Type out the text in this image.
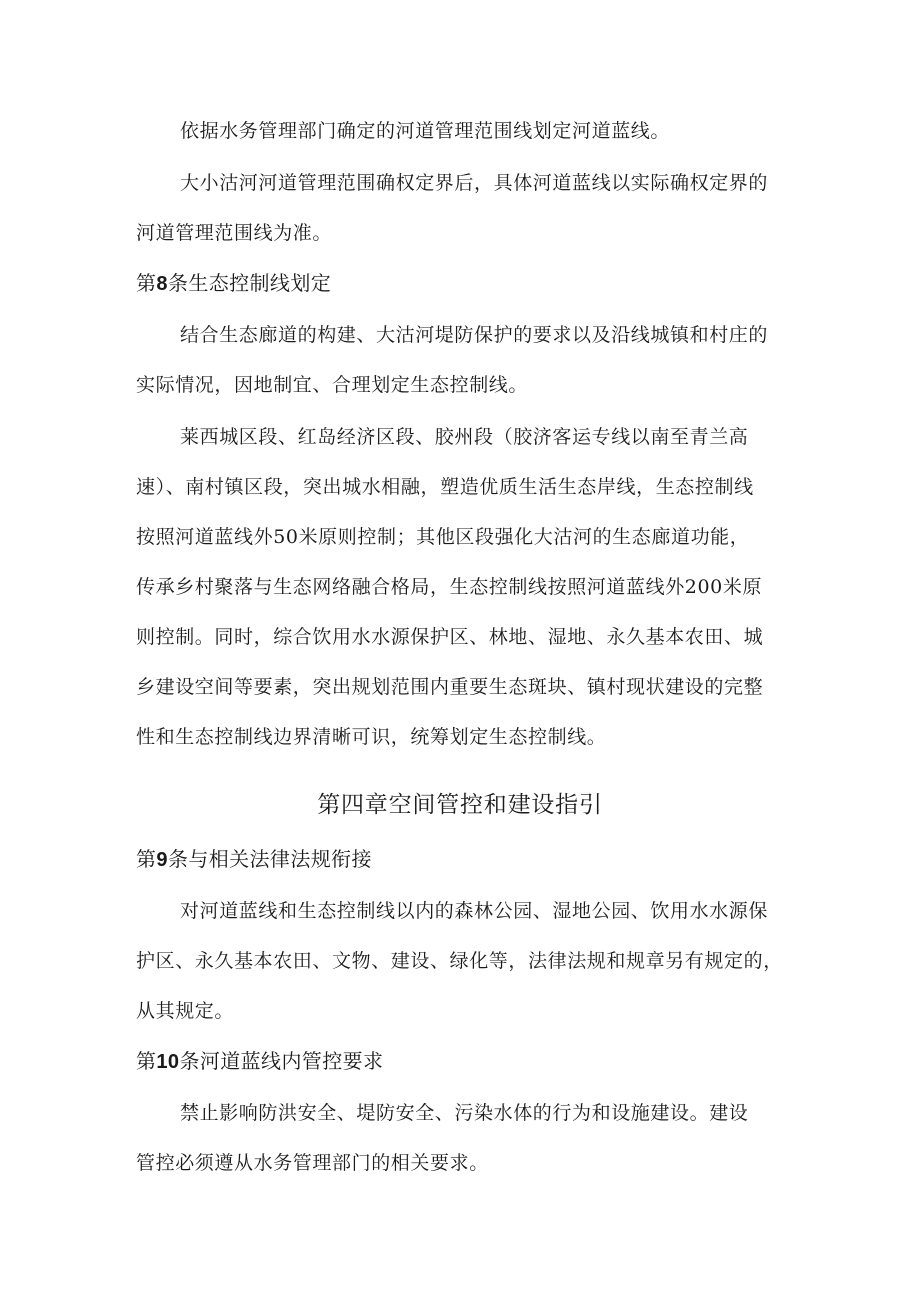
依据水务管理部门确定的河道管理范围线划定河道蓝线。
大小沽河河道管理范围确权定界后，具体河道蓝线以实际确权定界的
河道管理范围线为准。
第8条生态控制线划定
结合生态廊道的构建、大沽河堤防保护的要求以及沿线城镇和村庄的
实际情况，因地制宜、合理划定生态控制线。
莱西城区段、红岛经济区段、胶州段（胶济客运专线以南至青兰高
速）、南村镇区段，突出城水相融，塑造优质生活生态岸线，生态控制线
按照河道蓝线外50米原则控制；其他区段强化大沽河的生态廊道功能，
传承乡村聚落与生态网络融合格局，生态控制线按照河道蓝线外200米原
则控制。同时，综合饮用水水源保护区、林地、湿地、永久基本农田、城
乡建设空间等要素，突出规划范围内重要生态斑块、镇村现状建设的完整
性和生态控制线边界清晰可识，统筹划定生态控制线。
第四章空间管控和建设指引
第9条与相关法律法规衔接
对河道蓝线和生态控制线以内的森林公园、湿地公园、饮用水水源保
护区、永久基本农田、文物、建设、绿化等，法律法规和规章另有规定的，
从其规定。
第10条河道蓝线内管控要求
禁止影响防洪安全、堤防安全、污染水体的行为和设施建设。建设
管控必须遵从水务管理部门的相关要求。
